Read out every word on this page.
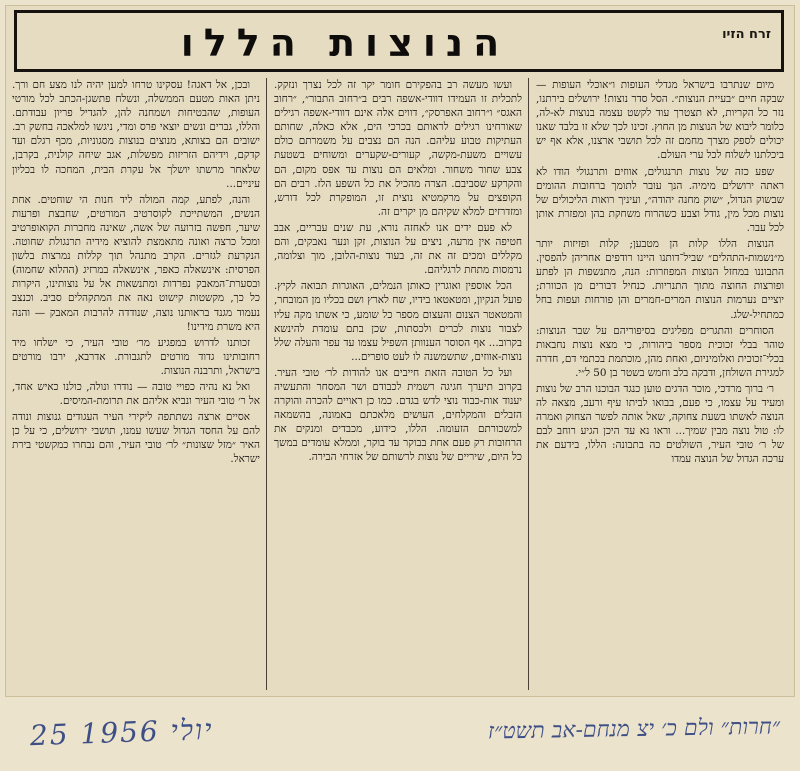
הנוצות הללו	זרח הזיו

מיום שנתרבו בישראל מגדלי העופות ו״אוכלי העופות — שבקה חיים ״בעיית הנוצות״. הסל סדר נוצות! ירושלים בירתנו, נזר כל הקריות, לא תצטרך עוד לקשט עצמה בנוצות לא-לה, כלומר ליבוא של הנוצות מן החוץ. זכינו לכך שלא זו בלבד שאנו יכולים לספק מצרך מחמם זה לכל תושבי ארצנו, אלא אף יש ביכלתנו לשלוח לכל ערי העולם.

שפע כזה של נוצות תרנגולים, אווזים ותרנגולי הודו לא ראתה ירושלים מימיה. הנך עובר לתומך ברחובות ההומים שבשוק הגדול, ״שוק מחנה יהודה״, ועיניך רואות הליכולים של נוצות מכל מין, גודל וצבע כשהרוח משחקת בהן ומפזרת אותן לכל עבר.

הנוצות הללו קלות הן מטבען; קלות ופזיזות יותר מ״נשמות-התהלים״ שביל־דותנו היינו רודפים אחריהן להפסין. התבוננו במחזל הנוצות המפוזרות: הנה, מתנשפות הן לפתע ופורצות החוצה מתוך התנריות. כנחיל דבורים מן הכוורת; יוציים נערמות הנוצות המרים-חמרים והן פורחות ועפות בחל כמתחיל-שלג.

הסוחרים והתגרים מפליגים בסיפוריהם על שבר הנוצות: טוהר בבלי זכוכית מספר ביהורות, כי מצא נוצות נחבאות בכלי־זכוכית ואלומיניום, ואחת מהן, מוכתמת בכתמי דם, חדרה למגירת השולחן, ודבקה בלב וחמש בשטר בן 50 ל״י.

ר׳ ברוך מרדכי, מוכר הדגים טוען כנגד הבוכנו הרב של נוצות ומעיד על עצמו, כי פעם, בבואו לביתו עיף ורעב, מצאה לה הנוצה לאשתו בשעת צחוקה, שאל אותה לפשר הצחוק ואמרה לו: טול נוצה מבין שמיך... וראו נא עד היכן הגיע רוחב לבם של ר׳ טובי העיר, השולטים כה בתבונה: הללו, בידעם את ערכה הגדול של הנוצה עמדו

ועשו מעשה רב בהפקירם חומר יקר זה לכל נצרך ונזקק. לתכלית זו העמידו דוודי-אשפה רבים ב״רחוב התבור״, ״רחוב האגס״ ו״רחוב האפרסק״, דווים אלה אינם דוודי-אשפה רגילים שאורחינו רגילים לראותם בכרכי הים, אלא כאלה, שחותם העתיקות טבוע עליהם. הנה הם נצבים על משמרתם כולם עשויים משעת-מקשה, קעורים-שקערים ומשוחים בשטעת צבע שחור משחור. ומלאים הם נוצות עד אפס מקום, הם והקרקע שסביבם. הצרה מהכיל את כל השפע הלז. רבים הם הקופצים על מרקמטיא נוצית זו, המופקרת לכל דורש, ומזדרזים למלא שקיהם מן יקרים זה.

לא פעם ידים אנו לאחזה נורא, עת שנים עבריים, אבב חטיפה אין מרעה, ניצים על הנוצות, זקן ונער נאבקים, והם מקללים ומכים זה את זה, בעוד נוצות-הלובן, מוך וצלומה, נרמסות מתחת לרגליהם.

הכל אוספין ואוגרין כאותן הנמלים, האוגרות תבואה לקיץ. פועל הנקיון, ומטאטאו בידיו, שח לארץ ושם בכליו מן המובחר, והמטאטר הצנום והעצום מספר כל שומע, כי אשתו מקה עליו לצבור נוצות לכרים ולכסתות, שכן בתם עומדת להינשא בקרוב... אף הסוסר הענוותן השפיל עצמו עד עפר והעלה שלל נוצות-אווזים, שתשמשנה לו לעט סופרים...

ועל כל הטובה הזאת חייבים אנו להודות לר׳ טובי העיר. בקרוב תיערך חגיגה רשמית לכבודם ושר המסחר והתעשיה יענוד אות-כבוד נוצי לדש בגדם. כמו כן ראויים להכרה והוקרה הזבלים והמקלחים, העושים מלאכתם באמונה, בהשמאה למשכורתם הזעומה. הללו, כידוע, מכבדים ומנקים את הרחובות רק פעם אחת בבוקר עד בוקר, וממלא עומדים במשך כל היום, שיריים של נוצות לרשותם של אזרחי הבירה.

ובכן, אל דאגה! עסקינו טרחו למען יהיה לנו מצע חם ורך. ניתן האות מטעם הממשלה, ונשלח פתשגן-הכתב לכל מורטי העופות, שהבטיחות ושמחנה להן, להגדיל פריון עבודתם. והללו, גברים ונשים יוצאי פרס ומדי, ניגשו למלאכה בחשק רב. ישובים הם בצותא, מנוצים בנוצות מסגוניות, מכף רגלם ועד קדקם, וידיהם הזריזות מפשלות, אגב שיחה קולנית, בקרבן, שלאחר מרשתו יושלך אל עקרת הבית, המחכה לו בכליון עיניים...

והנה, לפתע, קמה המולה ליד חנות הי שוחטים. אחת הנשים, המשתייכת לקוסרטיב המורטים, שחבצת ופרעות שיער, חפשה בזרועה של אשה, שאינה מחברות הקואופרטיב ומכל כרצה ואונה מתאמצת להוציא מידיה תרנגולת שחוטה. הנקרעת לגזרים. הקרב מתנהל תוך קללות נמרצות בלשון הפרסית: אינשאלה כאפר, אינשאלה במרזיג (ההלוא שחמוה) ובסערת־המאבק נפרדות ומתנשאות אל על נוצותינו, היקרות כל כך, מקשטות קישוט נאה את המתקהלים סביב. וכנצב נעמוד מגנד בראותנו נוצה, שנודדה להרבות המאבק — והנה היא משרת מידינו!

זכותנו לדרוש במפגיע מר׳ טובי העיר, כי ישלחו מיד רחובותינו גדוד מורטים לתגבורת. אדרבא, ירבו מורטים בישראל, ותרבנה הנוצות.

ואל נא נהיה כפויי טובה — נודרו ונולה, כולנו כאיש אחד, אל ר׳ טובי העיר ונביא אליהם את תרומת-המיסים.

אסיים ארצה נשתתפה ליקירי העיר העגודים גנוצות ונודה להם על החסד הגדול שעשו עמנו, תושבי ירושלים, כי על כן האיר ״מזל שצונות״ לר׳ טובי העיר, והם נבחרו כמקשטי בירת ישראל.

25 יולי 1956	״חרות״ ולם כ׳ יצ מנחם-אב תשט״ז
